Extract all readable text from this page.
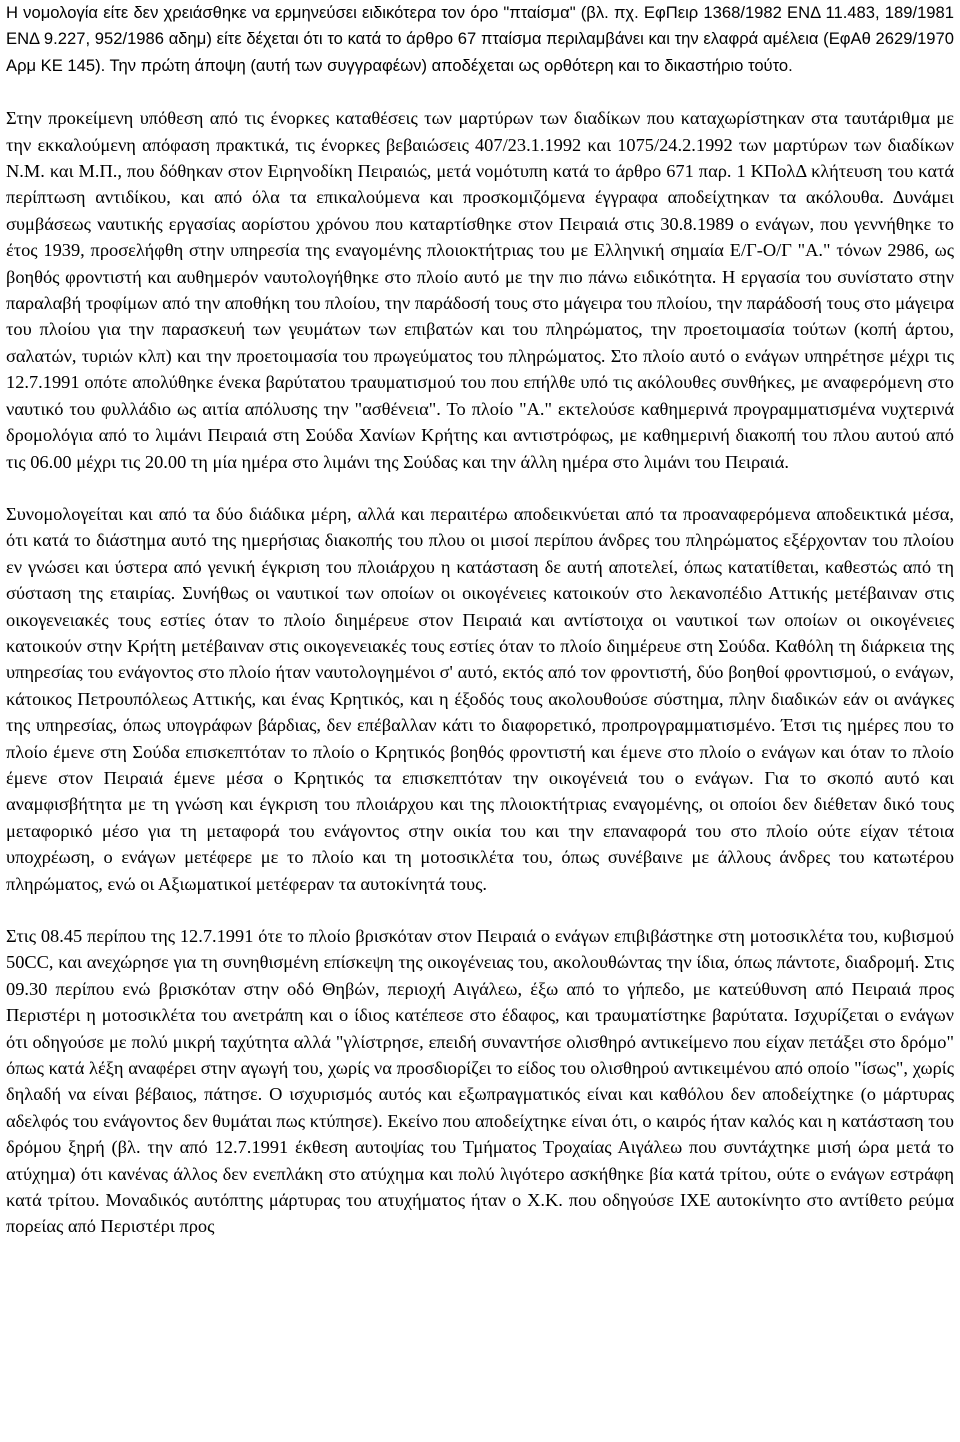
Η νομολογία είτε δεν χρειάσθηκε να ερμηνεύσει ειδικότερα τον όρο "πταίσμα" (βλ. πχ. ΕφΠειρ 1368/1982 ΕΝΔ 11.483, 189/1981 ΕΝΔ 9.227, 952/1986 αδημ) είτε δέχεται ότι το κατά το άρθρο 67 πταίσμα περιλαμβάνει και την ελαφρά αμέλεια (ΕφΑθ 2629/1970 Αρμ ΚΕ 145). Την πρώτη άποψη (αυτή των συγγραφέων) αποδέχεται ως ορθότερη και το δικαστήριο τούτο.

Στην προκείμενη υπόθεση από τις ένορκες καταθέσεις των μαρτύρων των διαδίκων που καταχωρίστηκαν στα ταυτάριθμα με την εκκαλούμενη απόφαση πρακτικά, τις ένορκες βεβαιώσεις 407/23.1.1992 και 1075/24.2.1992 των μαρτύρων των διαδίκων Ν.Μ. και Μ.Π., που δόθηκαν στον Ειρηνοδίκη Πειραιώς, μετά νομότυπη κατά το άρθρο 671 παρ. 1 ΚΠολΔ κλήτευση του κατά περίπτωση αντιδίκου, και από όλα τα επικαλούμενα και προσκομιζόμενα έγγραφα αποδείχτηκαν τα ακόλουθα. Δυνάμει συμβάσεως ναυτικής εργασίας αορίστου χρόνου που καταρτίσθηκε στον Πειραιά στις 30.8.1989 ο ενάγων, που γεννήθηκε το έτος 1939, προσελήφθη στην υπηρεσία της εναγομένης πλοιοκτήτριας του με Ελληνική σημαία Ε/Γ-Ο/Γ "Α." τόνων 2986, ως βοηθός φροντιστή και αυθημερόν ναυτολογήθηκε στο πλοίο αυτό με την πιο πάνω ειδικότητα. Η εργασία του συνίστατο στην παραλαβή τροφίμων από την αποθήκη του πλοίου, την παράδοσή τους στο μάγειρα του πλοίου, την παράδοσή τους στο μάγειρα του πλοίου για την παρασκευή των γευμάτων των επιβατών και του πληρώματος, την προετοιμασία τούτων (κοπή άρτου, σαλατών, τυριών κλπ) και την προετοιμασία του πρωγεύματος του πληρώματος. Στο πλοίο αυτό ο ενάγων υπηρέτησε μέχρι τις 12.7.1991 οπότε απολύθηκε ένεκα βαρύτατου τραυματισμού του που επήλθε υπό τις ακόλουθες συνθήκες, με αναφερόμενη στο ναυτικό του φυλλάδιο ως αιτία απόλυσης την "ασθένεια". Το πλοίο "Α." εκτελούσε καθημερινά προγραμματισμένα νυχτερινά δρομολόγια από το λιμάνι Πειραιά στη Σούδα Χανίων Κρήτης και αντιστρόφως, με καθημερινή διακοπή του πλου αυτού από τις 06.00 μέχρι τις 20.00 τη μία ημέρα στο λιμάνι της Σούδας και την άλλη ημέρα στο λιμάνι του Πειραιά.

Συνομολογείται και από τα δύο διάδικα μέρη, αλλά και περαιτέρω αποδεικνύεται από τα προαναφερόμενα αποδεικτικά μέσα, ότι κατά το διάστημα αυτό της ημερήσιας διακοπής του πλου οι μισοί περίπου άνδρες του πληρώματος εξέρχονταν του πλοίου εν γνώσει και ύστερα από γενική έγκριση του πλοιάρχου η κατάσταση δε αυτή αποτελεί, όπως κατατίθεται, καθεστώς από τη σύσταση της εταιρίας. Συνήθως οι ναυτικοί των οποίων οι οικογένειες κατοικούν στο λεκανοπέδιο Αττικής μετέβαιναν στις οικογενειακές τους εστίες όταν το πλοίο διημέρευε στον Πειραιά και αντίστοιχα οι ναυτικοί των οποίων οι οικογένειες κατοικούν στην Κρήτη μετέβαιναν στις οικογενειακές τους εστίες όταν το πλοίο διημέρευε στη Σούδα. Καθόλη τη διάρκεια της υπηρεσίας του ενάγοντος στο πλοίο ήταν ναυτολογημένοι σ' αυτό, εκτός από τον φροντιστή, δύο βοηθοί φροντισμού, ο ενάγων, κάτοικος Πετρουπόλεως Αττικής, και ένας Κρητικός, και η έξοδός τους ακολουθούσε σύστημα, πλην διαδικών εάν οι ανάγκες της υπηρεσίας, όπως υπογράφων βάρδιας, δεν επέβαλλαν κάτι το διαφορετικό, προπρογραμματισμένο. Έτσι τις ημέρες που το πλοίο έμενε στη Σούδα επισκεπτόταν το πλοίο ο Κρητικός βοηθός φροντιστή και έμενε στο πλοίο ο ενάγων και όταν το πλοίο έμενε στον Πειραιά έμενε μέσα ο Κρητικός τα επισκεπτόταν την οικογένειά του ο ενάγων. Για το σκοπό αυτό και αναμφισβήτητα με τη γνώση και έγκριση του πλοιάρχου και της πλοιοκτήτριας εναγομένης, οι οποίοι δεν διέθεταν δικό τους μεταφορικό μέσο για τη μεταφορά του ενάγοντος στην οικία του και την επαναφορά του στο πλοίο ούτε είχαν τέτοια υποχρέωση, ο ενάγων μετέφερε με το πλοίο και τη μοτοσικλέτα του, όπως συνέβαινε με άλλους άνδρες του κατωτέρου πληρώματος, ενώ οι Αξιωματικοί μετέφεραν τα αυτοκίνητά τους.

Στις 08.45 περίπου της 12.7.1991 ότε το πλοίο βρισκόταν στον Πειραιά ο ενάγων επιβιβάστηκε στη μοτοσικλέτα του, κυβισμού 50CC, και ανεχώρησε για τη συνηθισμένη επίσκεψη της οικογένειας του, ακολουθώντας την ίδια, όπως πάντοτε, διαδρομή. Στις 09.30 περίπου ενώ βρισκόταν στην οδό Θηβών, περιοχή Αιγάλεω, έξω από το γήπεδο, με κατεύθυνση από Πειραιά προς Περιστέρι η μοτοσικλέτα του ανετράπη και ο ίδιος κατέπεσε στο έδαφος, και τραυματίστηκε βαρύτατα. Ισχυρίζεται ο ενάγων ότι οδηγούσε με πολύ μικρή ταχύτητα αλλά "γλίστρησε, επειδή συναντήσε ολισθηρό αντικείμενο που είχαν πετάξει στο δρόμο" όπως κατά λέξη αναφέρει στην αγωγή του, χωρίς να προσδιορίζει το είδος του ολισθηρού αντικειμένου από οποίο "ίσως", χωρίς δηλαδή να είναι βέβαιος, πάτησε. Ο ισχυρισμός αυτός και εξωπραγματικός είναι και καθόλου δεν αποδείχτηκε (ο μάρτυρας αδελφός του ενάγοντος δεν θυμάται πως κτύπησε). Εκείνο που αποδείχτηκε είναι ότι, ο καιρός ήταν καλός και η κατάσταση του δρόμου ξηρή (βλ. την από 12.7.1991 έκθεση αυτοψίας του Τμήματος Τροχαίας Αιγάλεω που συντάχτηκε μισή ώρα μετά το ατύχημα) ότι κανένας άλλος δεν ενεπλάκη στο ατύχημα και πολύ λιγότερο ασκήθηκε βία κατά τρίτου, ούτε ο ενάγων εστράφη κατά τρίτου. Μοναδικός αυτόπτης μάρτυρας του ατυχήματος ήταν ο Χ.Κ. που οδηγούσε ΙΧΕ αυτοκίνητο στο αντίθετο ρεύμα πορείας από Περιστέρι προς
